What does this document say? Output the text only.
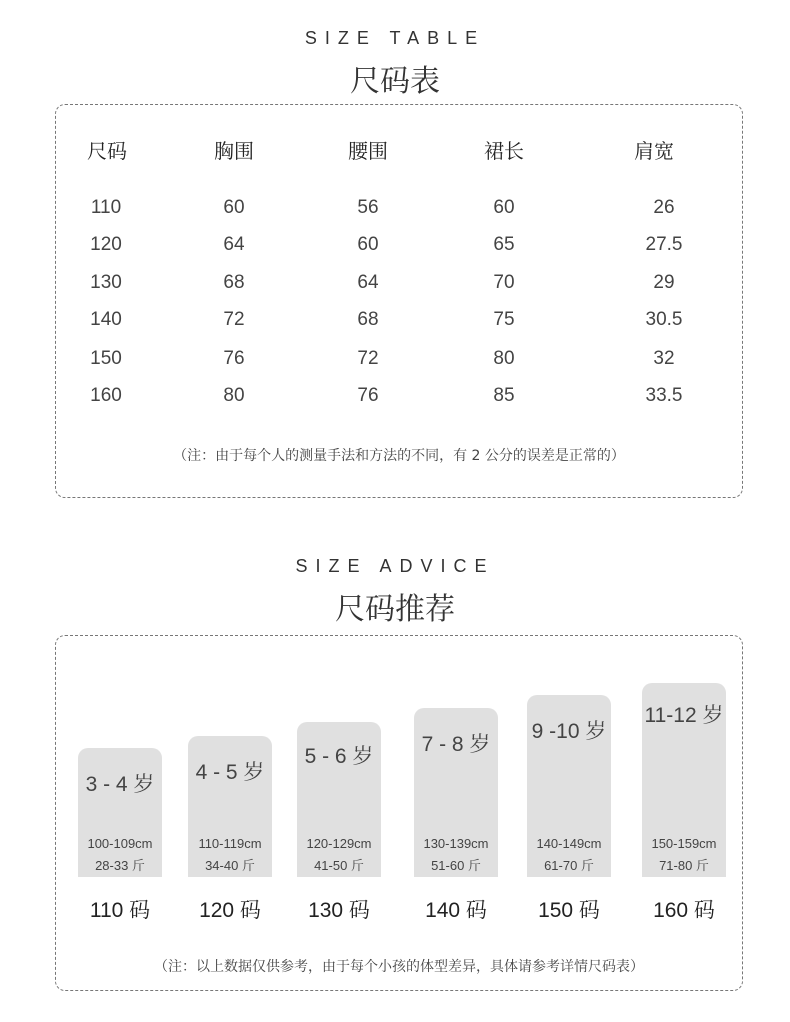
SIZE TABLE
尺码表
尺码	胸围	腰围	裙长	肩宽
110	60	56	60	26
120	64	60	65	27.5
130	68	64	70	29
140	72	68	75	30.5
150	76	72	80	32
160	80	76	85	33.5
（注：由于每个人的测量手法和方法的不同，有 2 公分的误差是正常的）
SIZE ADVICE
尺码推荐
3 - 4 岁
100-109cm
28-33 斤
110 码
4 - 5 岁
110-119cm
34-40 斤
120 码
5 - 6 岁
120-129cm
41-50 斤
130 码
7 - 8 岁
130-139cm
51-60 斤
140 码
9 -10 岁
140-149cm
61-70 斤
150 码
11-12 岁
150-159cm
71-80 斤
160 码
（注：以上数据仅供参考，由于每个小孩的体型差异，具体请参考详情尺码表）
